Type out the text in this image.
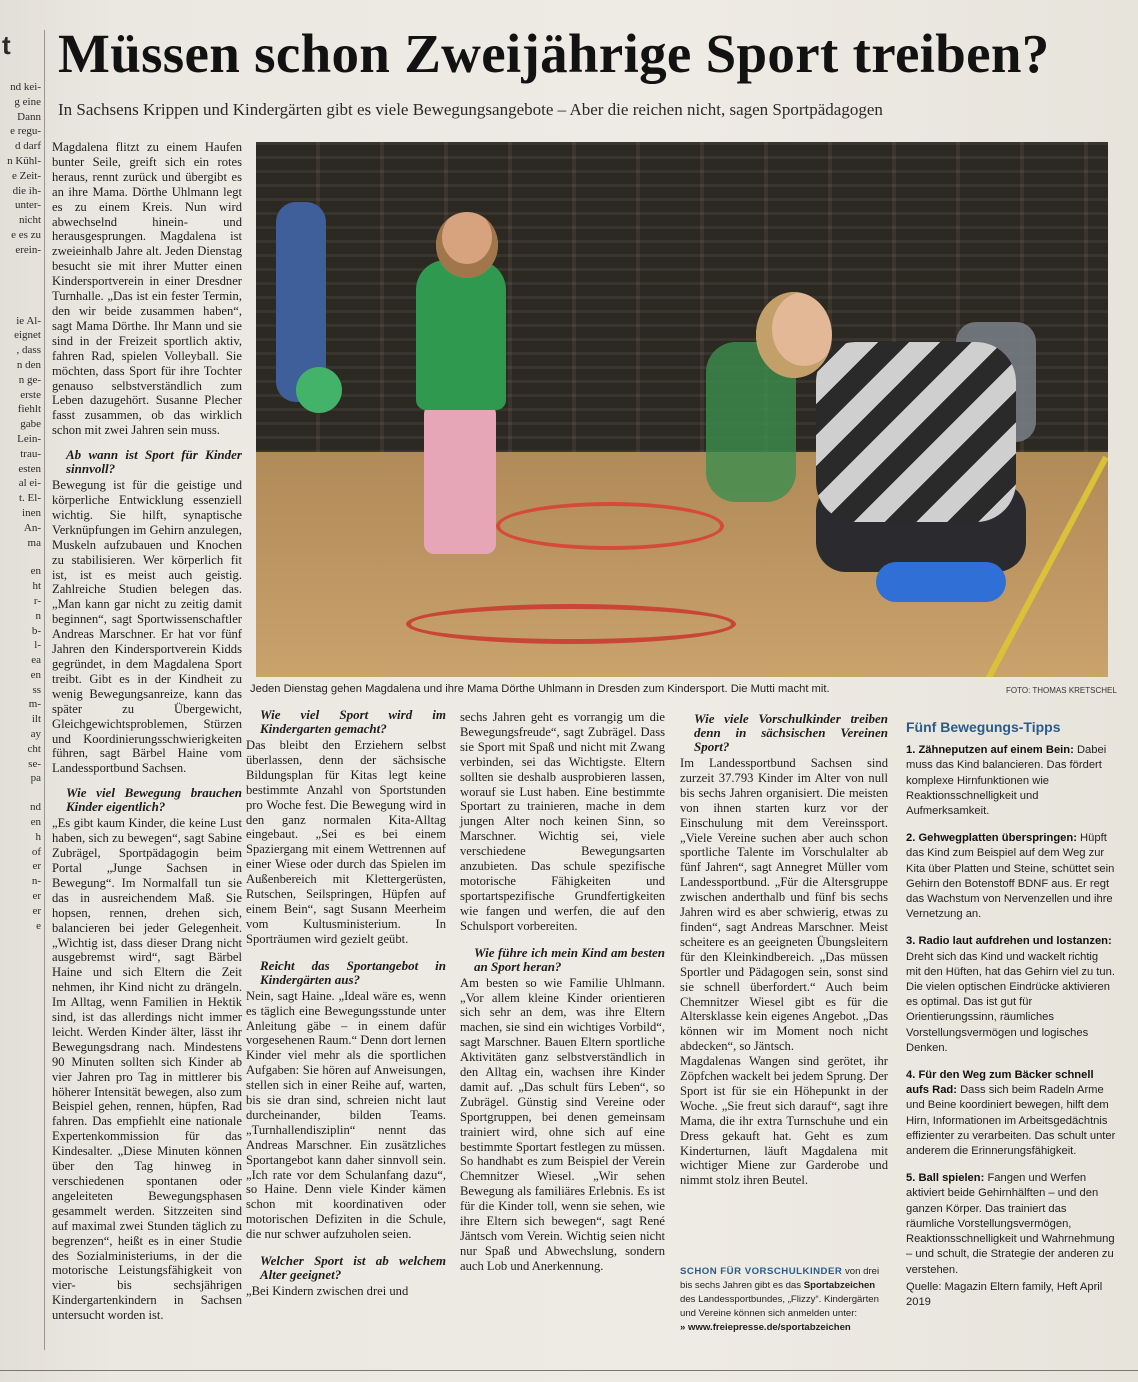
t
nd kei-
g eine
Dann
e regu-
d darf
n Kühl-
e Zeit-
die ih-
unter-
nicht
e es zu
erein-
ie Al-
eignet
, dass
n den
n ge-
erste
fiehlt
gabe
Lein-
trau-
esten
al ei-
t. El-
inen
An-
ma
en
ht
r-
n
b-
l-
ea
en
ss
m-
ilt
ay
cht
se-
pa
nd
en
h
of
er
n-
er
er
e
Müssen schon Zweijährige Sport treiben?
In Sachsens Krippen und Kindergärten gibt es viele Bewegungsangebote – Aber die reichen nicht, sagen Sportpädagogen

Magdalena flitzt zu einem Haufen bunter Seile, greift sich ein rotes heraus, rennt zurück und übergibt es an ihre Mama. Dörthe Uhlmann legt es zu einem Kreis. Nun wird abwechselnd hinein- und herausgesprungen. Magdalena ist zweieinhalb Jahre alt. Jeden Dienstag besucht sie mit ihrer Mutter einen Kindersportverein in einer Dresdner Turnhalle. „Das ist ein fester Termin, den wir beide zusammen haben“, sagt Mama Dörthe. Ihr Mann und sie sind in der Freizeit sportlich aktiv, fahren Rad, spielen Volleyball. Sie möchten, dass Sport für ihre Tochter genauso selbstverständlich zum Leben dazugehört. Susanne Plecher fasst zusammen, ob das wirklich schon mit zwei Jahren sein muss.

Ab wann ist Sport für Kinder sinnvoll?

Bewegung ist für die geistige und körperliche Entwicklung essenziell wichtig. Sie hilft, synaptische Verknüpfungen im Gehirn anzulegen, Muskeln aufzubauen und Knochen zu stabilisieren. Wer körperlich fit ist, ist es meist auch geistig. Zahlreiche Studien belegen das. „Man kann gar nicht zu zeitig damit beginnen“, sagt Sportwissenschaftler Andreas Marschner. Er hat vor fünf Jahren den Kindersportverein Kidds gegründet, in dem Magdalena Sport treibt. Gibt es in der Kindheit zu wenig Bewegungsanreize, kann das später zu Übergewicht, Gleichgewichtsproblemen, Stürzen und Koordinierungsschwierigkeiten führen, sagt Bärbel Haine vom Landessportbund Sachsen.

Wie viel Bewegung brauchen Kinder eigentlich?

„Es gibt kaum Kinder, die keine Lust haben, sich zu bewegen“, sagt Sabine Zubrägel, Sportpädagogin beim Portal „Junge Sachsen in Bewegung“. Im Normalfall tun sie das in ausreichendem Maß. Sie hopsen, rennen, drehen sich, balancieren bei jeder Gelegenheit. „Wichtig ist, dass dieser Drang nicht ausgebremst wird“, sagt Bärbel Haine und sich Eltern die Zeit nehmen, ihr Kind nicht zu drängeln. Im Alltag, wenn Familien in Hektik sind, ist das allerdings nicht immer leicht. Werden Kinder älter, lässt ihr Bewegungsdrang nach. Mindestens 90 Minuten sollten sich Kinder ab vier Jahren pro Tag in mittlerer bis höherer Intensität bewegen, also zum Beispiel gehen, rennen, hüpfen, Rad fahren. Das empfiehlt eine nationale Expertenkommission für das Kindesalter. „Diese Minuten können über den Tag hinweg in verschiedenen spontanen oder angeleiteten Bewegungsphasen gesammelt werden. Sitzzeiten sind auf maximal zwei Stunden täglich zu begrenzen“, heißt es in einer Studie des Sozialministeriums, in der die motorische Leistungsfähigkeit von vier- bis sechsjährigen Kindergartenkindern in Sachsen untersucht worden ist.

Jeden Dienstag gehen Magdalena und ihre Mama Dörthe Uhlmann in Dresden zum Kindersport. Die Mutti macht mit.	FOTO: THOMAS KRETSCHEL
Wie viel Sport wird im Kindergarten gemacht?

Das bleibt den Erziehern selbst überlassen, denn der sächsische Bildungsplan für Kitas legt keine bestimmte Anzahl von Sportstunden pro Woche fest. Die Bewegung wird in den ganz normalen Kita-Alltag eingebaut. „Sei es bei einem Spaziergang mit einem Wettrennen auf einer Wiese oder durch das Spielen im Außenbereich mit Klettergerüsten, Rutschen, Seilspringen, Hüpfen auf einem Bein“, sagt Susann Meerheim vom Kultusministerium. In Sporträumen wird gezielt geübt.

Reicht das Sportangebot in Kindergärten aus?

Nein, sagt Haine. „Ideal wäre es, wenn es täglich eine Bewegungsstunde unter Anleitung gäbe – in einem dafür vorgesehenen Raum.“ Denn dort lernen Kinder viel mehr als die sportlichen Aufgaben: Sie hören auf Anweisungen, stellen sich in einer Reihe auf, warten, bis sie dran sind, schreien nicht laut durcheinander, bilden Teams. „Turnhallendisziplin“ nennt das Andreas Marschner. Ein zusätzliches Sportangebot kann daher sinnvoll sein. „Ich rate vor dem Schulanfang dazu“, so Haine. Denn viele Kinder kämen schon mit koordinativen oder motorischen Defiziten in die Schule, die nur schwer aufzuholen seien.

Welcher Sport ist ab welchem Alter geeignet?

„Bei Kindern zwischen drei und

sechs Jahren geht es vorrangig um die Bewegungsfreude“, sagt Zubrägel. Dass sie Sport mit Spaß und nicht mit Zwang verbinden, sei das Wichtigste. Eltern sollten sie deshalb ausprobieren lassen, worauf sie Lust haben. Eine bestimmte Sportart zu trainieren, mache in dem jungen Alter noch keinen Sinn, so Marschner. Wichtig sei, viele verschiedene Bewegungsarten anzubieten. Das schule spezifische motorische Fähigkeiten und sportartspezifische Grundfertigkeiten wie fangen und werfen, die auf den Schulsport vorbereiten.

Wie führe ich mein Kind am besten an Sport heran?

Am besten so wie Familie Uhlmann. „Vor allem kleine Kinder orientieren sich sehr an dem, was ihre Eltern machen, sie sind ein wichtiges Vorbild“, sagt Marschner. Bauen Eltern sportliche Aktivitäten ganz selbstverständlich in den Alltag ein, wachsen ihre Kinder damit auf. „Das schult fürs Leben“, so Zubrägel. Günstig sind Vereine oder Sportgruppen, bei denen gemeinsam trainiert wird, ohne sich auf eine bestimmte Sportart festlegen zu müssen. So handhabt es zum Beispiel der Verein Chemnitzer Wiesel. „Wir sehen Bewegung als familiäres Erlebnis. Es ist für die Kinder toll, wenn sie sehen, wie ihre Eltern sich bewegen“, sagt René Jäntsch vom Verein. Wichtig seien nicht nur Spaß und Abwechslung, sondern auch Lob und Anerkennung.

Wie viele Vorschulkinder treiben denn in sächsischen Vereinen Sport?

Im Landessportbund Sachsen sind zurzeit 37.793 Kinder im Alter von null bis sechs Jahren organisiert. Die meisten von ihnen starten kurz vor der Einschulung mit dem Vereinssport. „Viele Vereine suchen aber auch schon sportliche Talente im Vorschulalter ab fünf Jahren“, sagt Annegret Müller vom Landessportbund. „Für die Altersgruppe zwischen anderthalb und fünf bis sechs Jahren wird es aber schwierig, etwas zu finden“, sagt Andreas Marschner. Meist scheitere es an geeigneten Übungsleitern für den Kleinkindbereich. „Das müssen Sportler und Pädagogen sein, sonst sind sie schnell überfordert.“ Auch beim Chemnitzer Wiesel gibt es für die Altersklasse kein eigenes Angebot. „Das können wir im Moment noch nicht abdecken“, so Jäntsch.

Magdalenas Wangen sind gerötet, ihr Zöpfchen wackelt bei jedem Sprung. Der Sport ist für sie ein Höhepunkt in der Woche. „Sie freut sich darauf“, sagt ihre Mama, die ihr extra Turnschuhe und ein Dress gekauft hat. Geht es zum Kinderturnen, läuft Magdalena mit wichtiger Miene zur Garderobe und nimmt stolz ihren Beutel.

SCHON FÜR VORSCHULKINDER von drei bis sechs Jahren gibt es das Sportabzeichen des Landessportbundes, „Flizzy“. Kindergärten und Vereine können sich anmelden unter:
» www.freiepresse.de/sportabzeichen
Fünf Bewegungs-Tipps

1. Zähneputzen auf einem Bein: Dabei muss das Kind balancieren. Das fördert komplexe Hirnfunktionen wie Reaktionsschnelligkeit und Aufmerksamkeit.

2. Gehwegplatten überspringen: Hüpft das Kind zum Beispiel auf dem Weg zur Kita über Platten und Steine, schüttet sein Gehirn den Botenstoff BDNF aus. Er regt das Wachstum von Nervenzellen und ihre Vernetzung an.

3. Radio laut aufdrehen und lostanzen: Dreht sich das Kind und wackelt richtig mit den Hüften, hat das Gehirn viel zu tun. Die vielen optischen Eindrücke aktivieren es optimal. Das ist gut für Orientierungssinn, räumliches Vorstellungsvermögen und logisches Denken.

4. Für den Weg zum Bäcker schnell aufs Rad: Dass sich beim Radeln Arme und Beine koordiniert bewegen, hilft dem Hirn, Informationen im Arbeitsgedächtnis effizienter zu verarbeiten. Das schult unter anderem die Erinnerungsfähigkeit.

5. Ball spielen: Fangen und Werfen aktiviert beide Gehirnhälften – und den ganzen Körper. Das trainiert das räumliche Vorstellungsvermögen, Reaktionsschnelligkeit und Wahrnehmung – und schult, die Strategie der anderen zu verstehen.

Quelle: Magazin Eltern family, Heft April 2019
